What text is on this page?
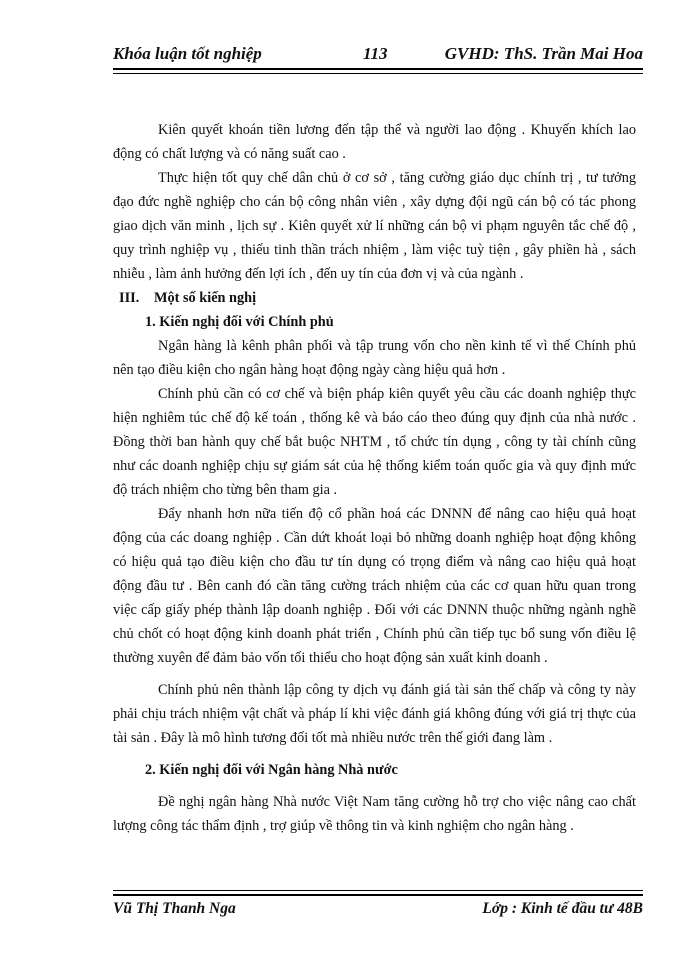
Khóa luận tốt nghiệp	113	GVHD: ThS. Trần Mai Hoa

Kiên quyết khoán tiền lương đến tập thể và người lao động . Khuyến khích lao động có chất lượng và có năng suất cao .

Thực hiện tốt quy chế dân chủ ở cơ sở , tăng cường giáo dục chính trị , tư tưởng đạo đức nghề nghiệp cho cán bộ công nhân viên , xây dựng đội ngũ cán bộ có tác phong giao dịch văn minh , lịch sự . Kiên quyết xử lí những cán bộ vi phạm nguyên tắc chế độ , quy trình nghiệp vụ , thiếu tinh thần trách nhiệm , làm việc tuỳ tiện , gây phiền hà , sách nhiễu , làm ảnh hưởng đến lợi ích , đến uy tín của đơn vị và của ngành .

III. Một số kiến nghị
1. Kiến nghị đối với Chính phủ

Ngân hàng là kênh phân phối và tập trung vốn cho nền kinh tế vì thế Chính phủ nên tạo điều kiện cho ngân hàng hoạt động ngày càng hiệu quả hơn .

Chính phủ cần có cơ chế và biện pháp kiên quyết yêu cầu các doanh nghiệp thực hiện nghiêm túc chế độ kế toán , thống kê và báo cáo theo đúng quy định của nhà nước . Đồng thời ban hành quy chế bắt buộc NHTM , tổ chức tín dụng , công ty tài chính cũng như các doanh nghiệp chịu sự giám sát của hệ thống kiểm toán quốc gia và quy định mức độ trách nhiệm cho từng bên tham gia .

Đẩy nhanh hơn nữa tiến độ cổ phần hoá các DNNN để nâng cao hiệu quả hoạt động của các doang nghiệp . Cần dứt khoát loại bỏ những doanh nghiệp hoạt động không có hiệu quả tạo điều kiện cho đầu tư tín dụng có trọng điểm và nâng cao hiệu quả hoạt động đầu tư . Bên canh đó cần tăng cường trách nhiệm của các cơ quan hữu quan trong việc cấp giấy phép thành lập doanh nghiệp . Đối với các DNNN thuộc những ngành nghề chủ chốt có hoạt động kinh doanh phát triển , Chính phủ cần tiếp tục bổ sung vốn điều lệ thường xuyên để đảm bảo vốn tối thiểu cho hoạt động sản xuất kinh doanh .

Chính phủ nên thành lập công ty dịch vụ đánh giá tài sản thế chấp và công ty này phải chịu trách nhiệm vật chất và pháp lí khi việc đánh giá không đúng với giá trị thực của tài sản . Đây là mô hình tương đối tốt mà nhiều nước trên thế giới đang làm .

2. Kiến nghị đối với Ngân hàng Nhà nước

Đề nghị ngân hàng Nhà nước Việt Nam tăng cường hỗ trợ cho việc nâng cao chất lượng công tác thẩm định , trợ giúp về thông tin và kinh nghiệm cho ngân hàng .

Vũ Thị Thanh Nga	Lớp : Kinh tế đầu tư 48B
